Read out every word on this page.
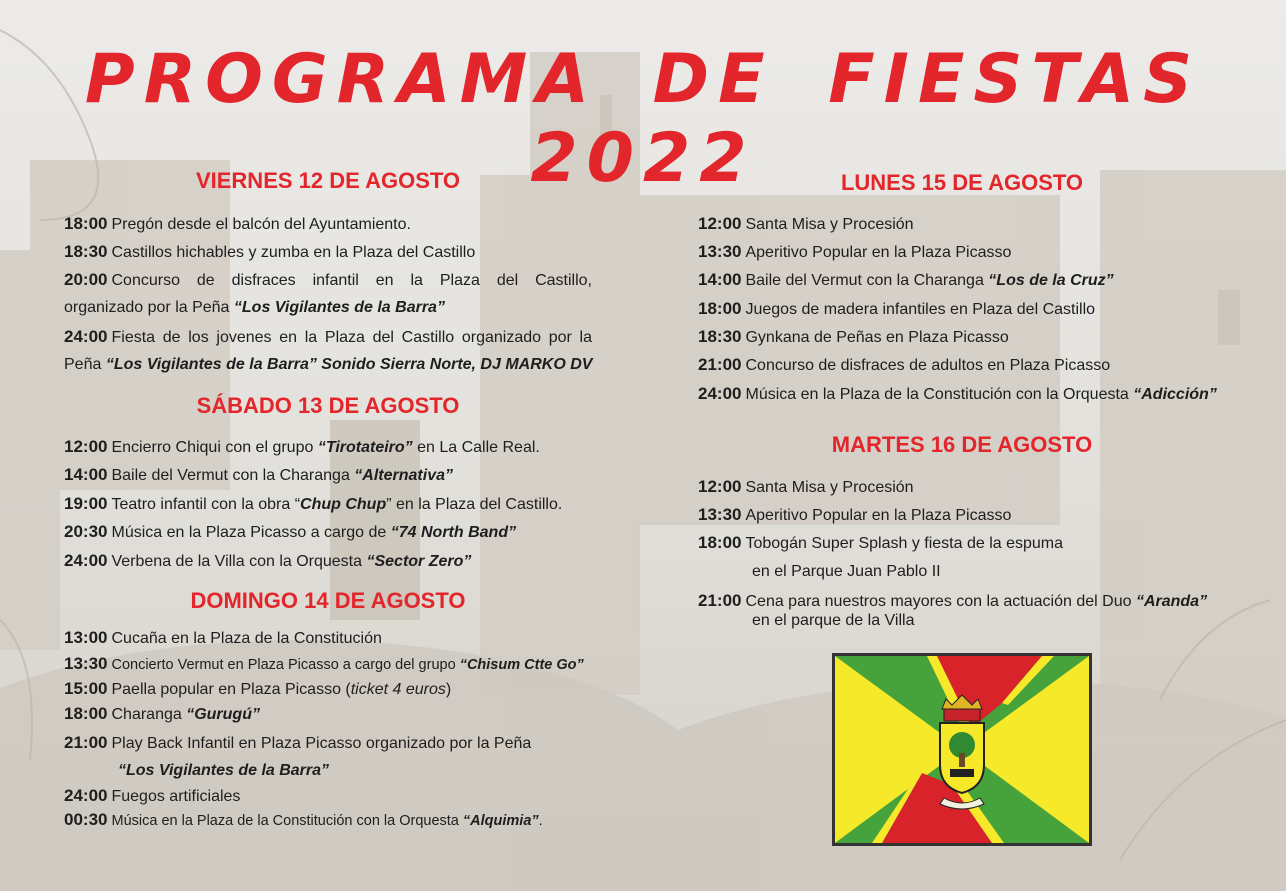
PROGRAMA DE FIESTAS 2022
VIERNES 12 DE AGOSTO
18:00 Pregón desde el balcón del Ayuntamiento.
18:30 Castillos hichables y zumba en la Plaza del Castillo
20:00 Concurso de disfraces infantil en la Plaza del Castillo,
organizado por la Peña “Los Vigilantes de la Barra”
24:00 Fiesta de los jovenes en la Plaza del Castillo organizado por la
Peña “Los Vigilantes de la Barra” Sonido Sierra Norte, DJ MARKO DV
SÁBADO 13 DE AGOSTO
12:00 Encierro Chiqui con el grupo “Tirotateiro” en La Calle Real.
14:00 Baile del Vermut con la Charanga “Alternativa”
19:00 Teatro infantil con la obra “Chup Chup” en la Plaza del Castillo.
20:30 Música en la Plaza Picasso a cargo de “74 North Band”
24:00 Verbena de la Villa con la Orquesta “Sector Zero”
DOMINGO 14 DE AGOSTO
13:00 Cucaña en la Plaza de la Constitución
13:30 Concierto Vermut en Plaza Picasso a cargo del grupo “Chisum Ctte Go”
15:00 Paella popular en Plaza Picasso (ticket 4 euros)
18:00 Charanga “Gurugú”
21:00 Play Back Infantil en Plaza Picasso organizado por la Peña
“Los Vigilantes de la Barra”
24:00 Fuegos artificiales
00:30 Música en la Plaza de la Constitución con la Orquesta “Alquimia”.
LUNES 15 DE AGOSTO
12:00 Santa Misa y Procesión
13:30 Aperitivo Popular en la Plaza Picasso
14:00 Baile del Vermut con la Charanga “Los de la Cruz”
18:00 Juegos de madera infantiles en Plaza del Castillo
18:30 Gynkana de Peñas en Plaza Picasso
21:00 Concurso de disfraces de adultos en Plaza Picasso
24:00 Música en la Plaza de la Constitución con la Orquesta “Adicción”
MARTES 16 DE AGOSTO
12:00 Santa Misa y Procesión
13:30 Aperitivo Popular en la Plaza Picasso
18:00 Tobogán Super Splash y fiesta de la espuma
en el Parque Juan Pablo II
21:00 Cena para nuestros mayores con la actuación del Duo “Aranda”
en el parque de la Villa
